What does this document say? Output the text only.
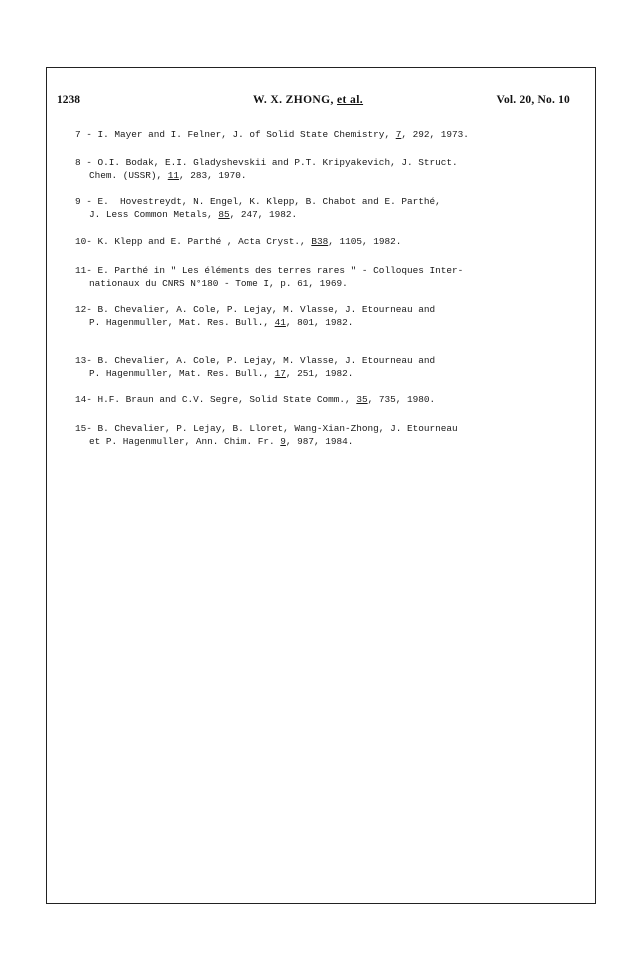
1238	W. X. ZHONG, et al.	Vol. 20, No. 10
7 - I. Mayer and I. Felner, J. of Solid State Chemistry, 7, 292, 1973.
8 - O.I. Bodak, E.I. Gladyshevskii and P.T. Kripyakevich, J. Struct.
Chem. (USSR), 11, 283, 1970.
9 - E.  Hovestreydt, N. Engel, K. Klepp, B. Chabot and E. Parthé,
J. Less Common Metals, 85, 247, 1982.
10- K. Klepp and E. Parthé , Acta Cryst., B38, 1105, 1982.
11- E. Parthé in " Les éléments des terres rares " - Colloques Inter-
nationaux du CNRS N°180 - Tome I, p. 61, 1969.
12- B. Chevalier, A. Cole, P. Lejay, M. Vlasse, J. Etourneau and
P. Hagenmuller, Mat. Res. Bull., 41, 801, 1982.
13- B. Chevalier, A. Cole, P. Lejay, M. Vlasse, J. Etourneau and
P. Hagenmuller, Mat. Res. Bull., 17, 251, 1982.
14- H.F. Braun and C.V. Segre, Solid State Comm., 35, 735, 1980.
15- B. Chevalier, P. Lejay, B. Lloret, Wang-Xian-Zhong, J. Etourneau
et P. Hagenmuller, Ann. Chim. Fr. 9, 987, 1984.
